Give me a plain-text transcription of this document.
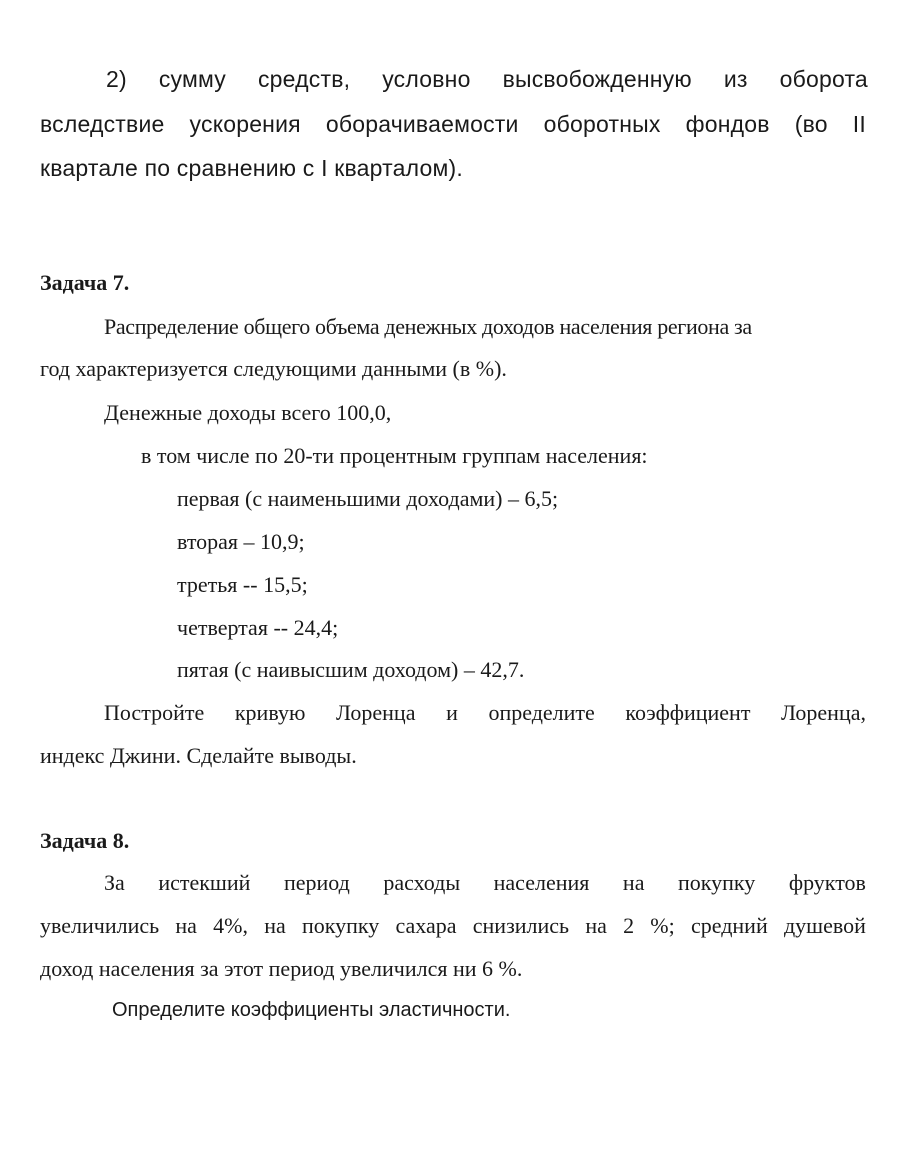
2) сумму средств, условно высвобожденную из оборота
вследствие ускорения оборачиваемости оборотных фондов (во II
квартале по сравнению с I кварталом).
Задача 7.
Распределение общего объема денежных доходов населения региона за
год характеризуется следующими данными (в %).
Денежные доходы всего 100,0,
в том числе по 20-ти процентным группам населения:
первая (с наименьшими доходами) – 6,5;
вторая – 10,9;
третья -- 15,5;
четвертая -- 24,4;
пятая (с наивысшим доходом) – 42,7.
Постройте кривую Лоренца и определите коэффициент Лоренца,
индекс Джини. Сделайте выводы.
Задача 8.
За истекший период расходы населения на покупку фруктов
увеличились на 4%, на покупку сахара снизились на 2 %; средний душевой
доход населения за этот период увеличился ни 6 %.
Определите коэффициенты эластичности.
